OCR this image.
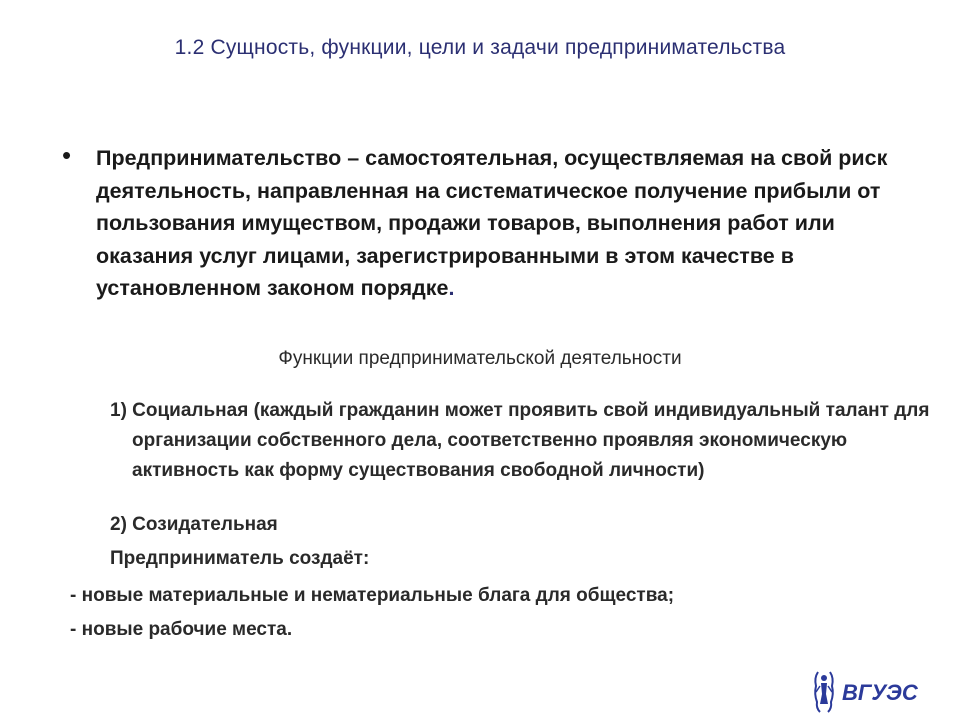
1.2 Сущность, функции, цели и задачи предпринимательства
• Предпринимательство – самостоятельная, осуществляемая на свой риск деятельность, направленная на систематическое получение прибыли от пользования имуществом, продажи товаров, выполнения работ или оказания услуг лицами, зарегистрированными в этом качестве в установленном законом порядке.
Функции предпринимательской деятельности
1) Социальная (каждый гражданин может проявить свой индивидуальный талант для организации собственного дела, соответственно проявляя экономическую активность как форму существования свободной личности)
2) Созидательная
Предприниматель создаёт:
- новые материальные и нематериальные блага для общества;
- новые рабочие места.
ВГУЭС
